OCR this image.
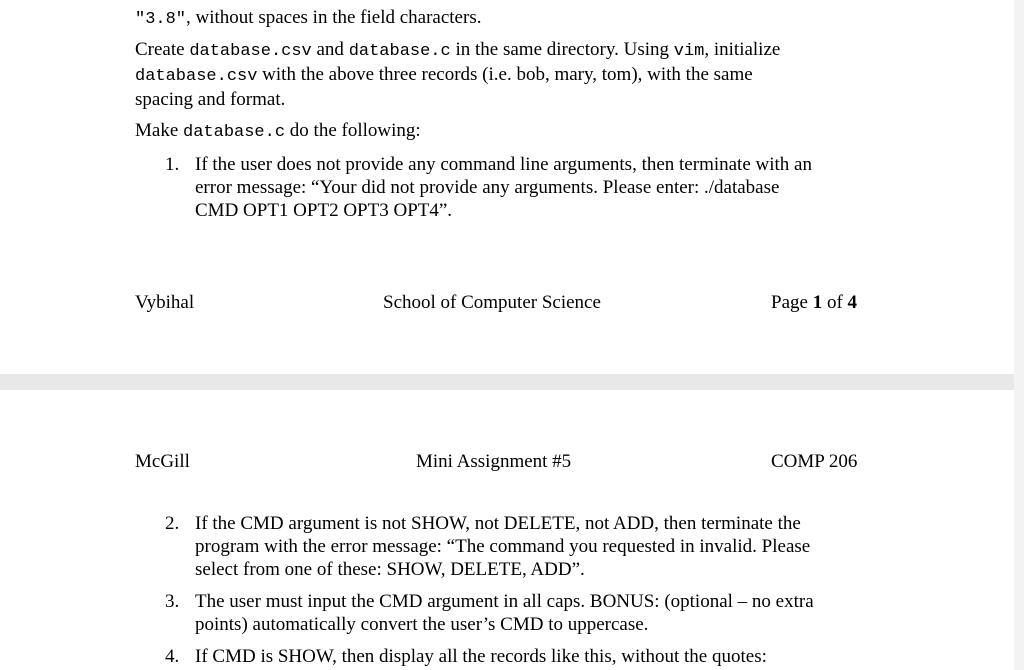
"3.8", without spaces in the field characters.
Create database.csv and database.c in the same directory. Using vim, initialize
database.csv with the above three records (i.e. bob, mary, tom), with the same
spacing and format.
Make database.c do the following:
1. If the user does not provide any command line arguments, then terminate with an
error message: “Your did not provide any arguments. Please enter: ./database
CMD OPT1 OPT2 OPT3 OPT4”.
Vybihal	School of Computer Science	Page 1 of 4
McGill	Mini Assignment #5	COMP 206
2. If the CMD argument is not SHOW, not DELETE, not ADD, then terminate the
program with the error message: “The command you requested in invalid. Please
select from one of these: SHOW, DELETE, ADD”.
3. The user must input the CMD argument in all caps. BONUS: (optional – no extra
points) automatically convert the user’s CMD to uppercase.
4. If CMD is SHOW, then display all the records like this, without the quotes:
